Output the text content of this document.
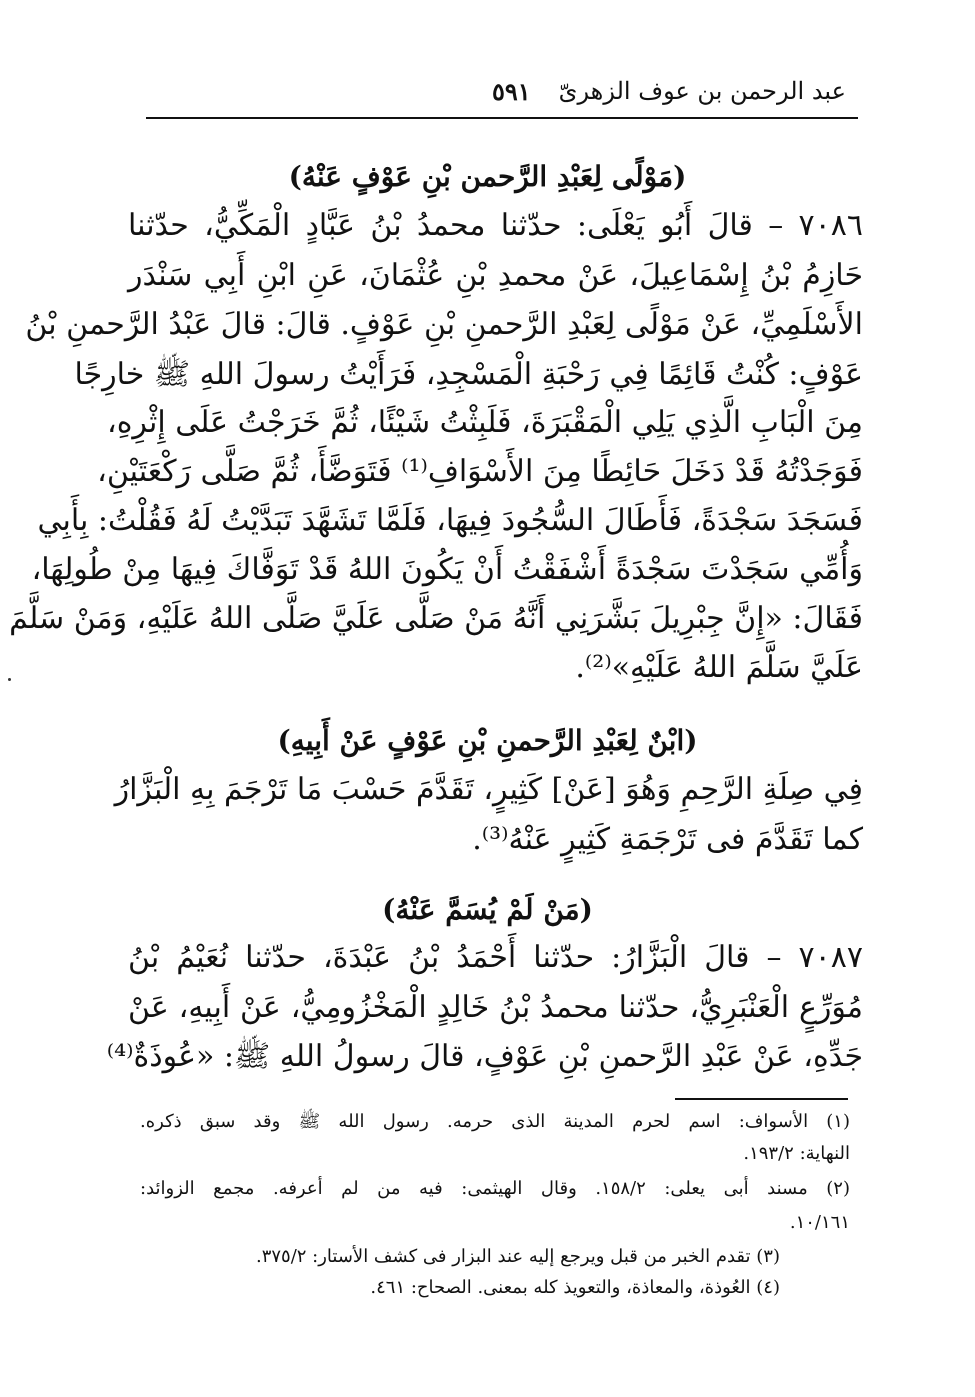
عبد الرحمن بن عوف الزهرىّ
٥٩١
(مَوْلًى لِعَبْدِ الرَّحمن بْنِ عَوْفٍ عَنْهُ)
٧٠٨٦ – قالَ أَبُو يَعْلَى: حدّثنا محمدُ بْنُ عَبَّادٍ الْمَكِّيُّ، حدّثنا
حَازِمُ بْنُ إِسْمَاعِيلَ، عَنْ محمدِ بْنِ عُثْمَانَ، عَنِ ابْنِ أَبِي سَنْدَر
الأَسْلَمِيِّ، عَنْ مَوْلًى لِعَبْدِ الرَّحمنِ بْنِ عَوْفٍ. قالَ: قالَ عَبْدُ الرَّحمنِ بْنُ
عَوْفٍ: كُنْتُ قَائِمًا فِي رَحْبَةِ الْمَسْجِدِ، فَرَأَيْتُ رسولَ اللهِ ﷺ خارِجًا
مِنَ الْبَابِ الَّذِي يَلِي الْمَقْبَرَةَ، فَلَبِثْتُ شَيْئًا، ثُمَّ خَرَجْتُ عَلَى إِثْرِهِ،
فَوَجَدْتُهُ قَدْ دَخَلَ حَائِطًا مِنَ الأَسْوَافِ⁽¹⁾ فَتَوَضَّأَ، ثُمَّ صَلَّى رَكْعَتَيْنِ،
فَسَجَدَ سَجْدَةً، فَأَطَالَ السُّجُودَ فِيهَا، فَلَمَّا تَشَهَّدَ تَبَدَّيْتُ لَهُ فَقُلْتُ: بِأَبِي
وَأُمِّي سَجَدْتَ سَجْدَةً أَشْفَقْتُ أَنْ يَكُونَ اللهُ قَدْ تَوَفَّاكَ فِيهَا مِنْ طُولِهَا،
فَقَالَ: «إِنَّ جِبْرِيلَ بَشَّرَنِي أَنَّهُ مَنْ صَلَّى عَلَيَّ صَلَّى اللهُ عَلَيْهِ، وَمَنْ سَلَّمَ
عَلَيَّ سَلَّمَ اللهُ عَلَيْهِ»⁽²⁾.
(ابْنٌ لِعَبْدِ الرَّحمنِ بْنِ عَوْفٍ عَنْ أَبِيهِ)
فِي صِلَةِ الرَّحِمِ وَهُوَ [عَنْ] كَثِيرٍ، تَقَدَّمَ حَسْبَ مَا تَرْجَمَ بِهِ الْبَزَّارُ
كما تَقَدَّمَ فى تَرْجَمَةِ كَثِيرٍ عَنْهُ⁽³⁾.
(مَنْ لَمْ يُسَمَّ عَنْهُ)
٧٠٨٧ – قالَ الْبَزَّارُ: حدّثنا أَحْمَدُ بْنُ عَبْدَةَ، حدّثنا نُعَيْمُ بْنُ
مُوَرِّعٍ الْعَنْبَرِيُّ، حدّثنا محمدُ بْنُ خَالِدٍ الْمَخْزُومِيُّ، عَنْ أَبِيهِ، عَنْ
جَدِّهِ، عَنْ عَبْدِ الرَّحمنِ بْنِ عَوْفٍ، قالَ رسولُ اللهِ ﷺ: «عُوذَةٌ⁽⁴⁾
(١) الأسواف: اسم لحرم المدينة الذى حرمه. رسول الله ﷺ وقد سبق ذكره.
النهاية: ١٩٣/٢.
(٢) مسند أبى يعلى: ١٥٨/٢. وقال الهيثمى: فيه من لم أعرفه. مجمع الزوائد:
١٠/١٦١.
(٣) تقدم الخبر من قبل ويرجع إليه عند البزار فى كشف الأستار: ٣٧٥/٢.
(٤) العُوذة، والمعاذة، والتعويذ كله بمعنى. الصحاح: ٤٦١.
